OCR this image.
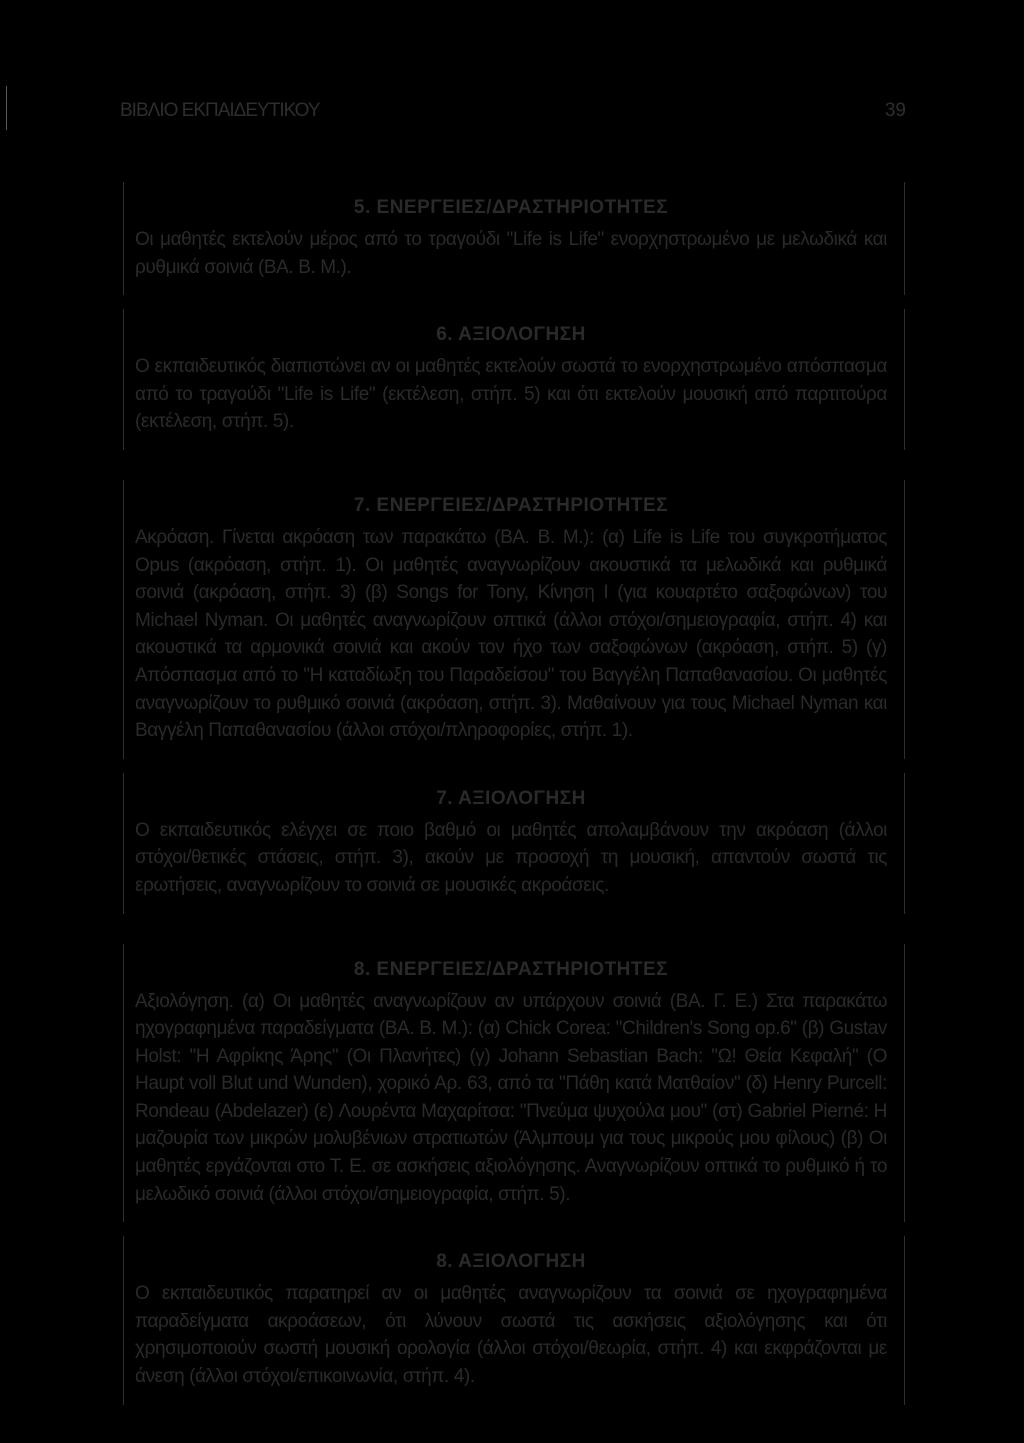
ΒΙΒΛΙΟ ΕΚΠΑΙΔΕΥΤΙΚΟΥ	39
5. ΕΝΕΡΓΕΙΕΣ/ΔΡΑΣΤΗΡΙΟΤΗΤΕΣ

Οι μαθητές εκτελούν μέρος από το τραγούδι "Life is Life" ενορχηστρωμένο με μελωδικά και ρυθμικά σοινιά (ΒΑ. Β. Μ.).

6. ΑΞΙΟΛΟΓΗΣΗ

Ο εκπαιδευτικός διαπιστώνει αν οι μαθητές εκτελούν σωστά το ενορχηστρωμένο απόσπασμα από το τραγούδι "Life is Life" (εκτέλεση, στήπ. 5) και ότι εκτελούν μουσική από παρτιτούρα (εκτέλεση, στήπ. 5).

7. ΕΝΕΡΓΕΙΕΣ/ΔΡΑΣΤΗΡΙΟΤΗΤΕΣ

Ακρόαση. Γίνεται ακρόαση των παρακάτω (ΒΑ. Β. Μ.): (α) Life is Life του συγκροτήματος Opus (ακρόαση, στήπ. 1). Οι μαθητές αναγνωρίζουν ακουστικά τα μελωδικά και ρυθμικά σοινιά (ακρόαση, στήπ. 3) (β) Songs for Tony, Κίνηση Ι (για κουαρτέτο σαξοφώνων) του Michael Nyman. Οι μαθητές αναγνωρίζουν οπτικά (άλλοι στόχοι/σημειογραφία, στήπ. 4) και ακουστικά τα αρμονικά σοινιά και ακούν τον ήχο των σαξοφώνων (ακρόαση, στήπ. 5) (γ) Απόσπασμα από το "Η καταδίωξη του Παραδείσου" του Βαγγέλη Παπαθανασίου. Οι μαθητές αναγνωρίζουν το ρυθμικό σοινιά (ακρόαση, στήπ. 3). Μαθαίνουν για τους Michael Nyman και Βαγγέλη Παπαθανασίου (άλλοι στόχοι/πληροφορίες, στήπ. 1).

7. ΑΞΙΟΛΟΓΗΣΗ

Ο εκπαιδευτικός ελέγχει σε ποιο βαθμό οι μαθητές απολαμβάνουν την ακρόαση (άλλοι στόχοι/θετικές στάσεις, στήπ. 3), ακούν με προσοχή τη μουσική, απαντούν σωστά τις ερωτήσεις, αναγνωρίζουν το σοινιά σε μουσικές ακροάσεις.

8. ΕΝΕΡΓΕΙΕΣ/ΔΡΑΣΤΗΡΙΟΤΗΤΕΣ

Αξιολόγηση. (α) Οι μαθητές αναγνωρίζουν αν υπάρχουν σοινιά (ΒΑ. Γ. Ε.) Στα παρακάτω ηχογραφημένα παραδείγματα (ΒΑ. Β. Μ.): (α) Chick Corea: "Children's Song op.6" (β) Gustav Holst: "Η Αφρίκης Άρης" (Οι Πλανήτες) (γ) Johann Sebastian Bach: "Ω! Θεία Κεφαλή" (O Haupt voll Blut und Wunden), χορικό Αρ. 63, από τα "Πάθη κατά Ματθαίον" (δ) Henry Purcell: Rondeau (Abdelazer) (ε) Λουρέντα Μαχαρίτσα: "Πνεύμα ψυχούλα μου" (στ) Gabriel Pierné: Η μαζουρία των μικρών μολυβένιων στρατιωτών (Άλμπουμ για τους μικρούς μου φίλους) (β) Οι μαθητές εργάζονται στο Τ. Ε. σε ασκήσεις αξιολόγησης. Αναγνωρίζουν οπτικά το ρυθμικό ή το μελωδικό σοινιά (άλλοι στόχοι/σημειογραφία, στήπ. 5).

8. ΑΞΙΟΛΟΓΗΣΗ

Ο εκπαιδευτικός παρατηρεί αν οι μαθητές αναγνωρίζουν τα σοινιά σε ηχογραφημένα παραδείγματα ακροάσεων, ότι λύνουν σωστά τις ασκήσεις αξιολόγησης και ότι χρησιμοποιούν σωστή μουσική ορολογία (άλλοι στόχοι/θεωρία, στήπ. 4) και εκφράζονται με άνεση (άλλοι στόχοι/επικοινωνία, στήπ. 4).
